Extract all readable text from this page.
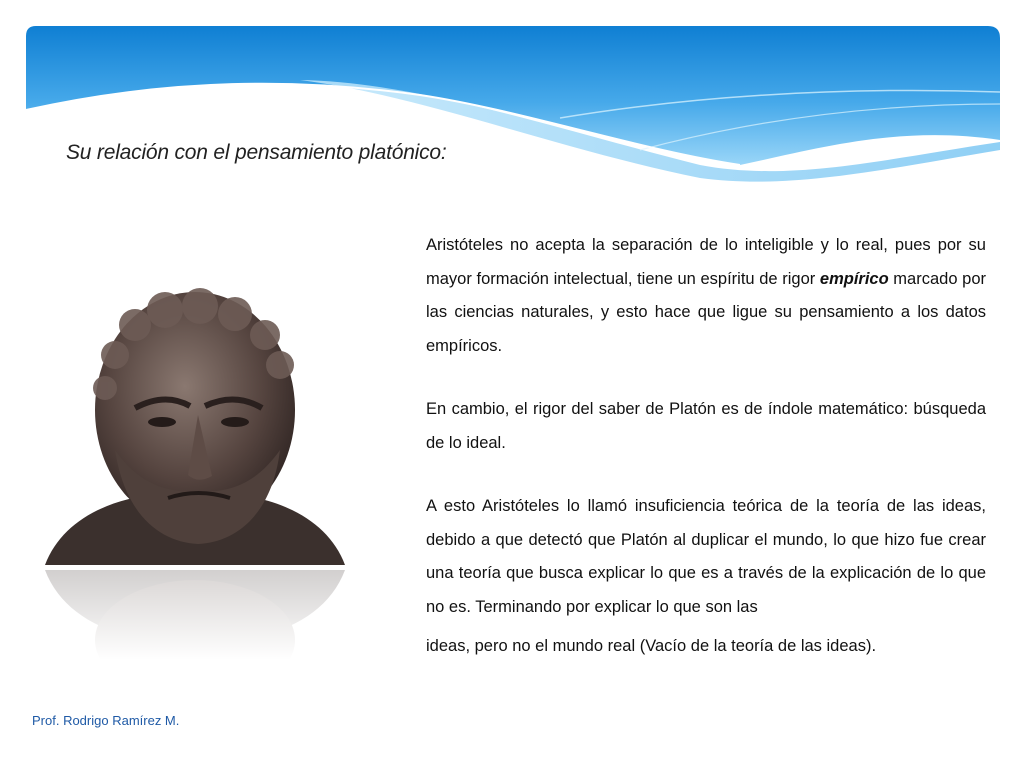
Su relación con el pensamiento platónico:

Aristóteles no acepta la separación de lo inteligible y lo real, pues por su mayor formación intelectual, tiene un espíritu de rigor empírico marcado por las ciencias naturales, y esto hace que ligue su pensamiento a los datos empíricos.

En cambio, el rigor del saber de Platón es de índole matemático: búsqueda de lo ideal.

A esto Aristóteles lo llamó insuficiencia teórica de la teoría de las ideas, debido a que detectó que Platón al duplicar el mundo, lo que hizo fue crear una teoría que busca explicar lo que es a través de la explicación de lo que no es. Terminando por explicar lo que son las

ideas, pero no el mundo real (Vacío de la teoría de las ideas).

Prof. Rodrigo Ramírez M.
